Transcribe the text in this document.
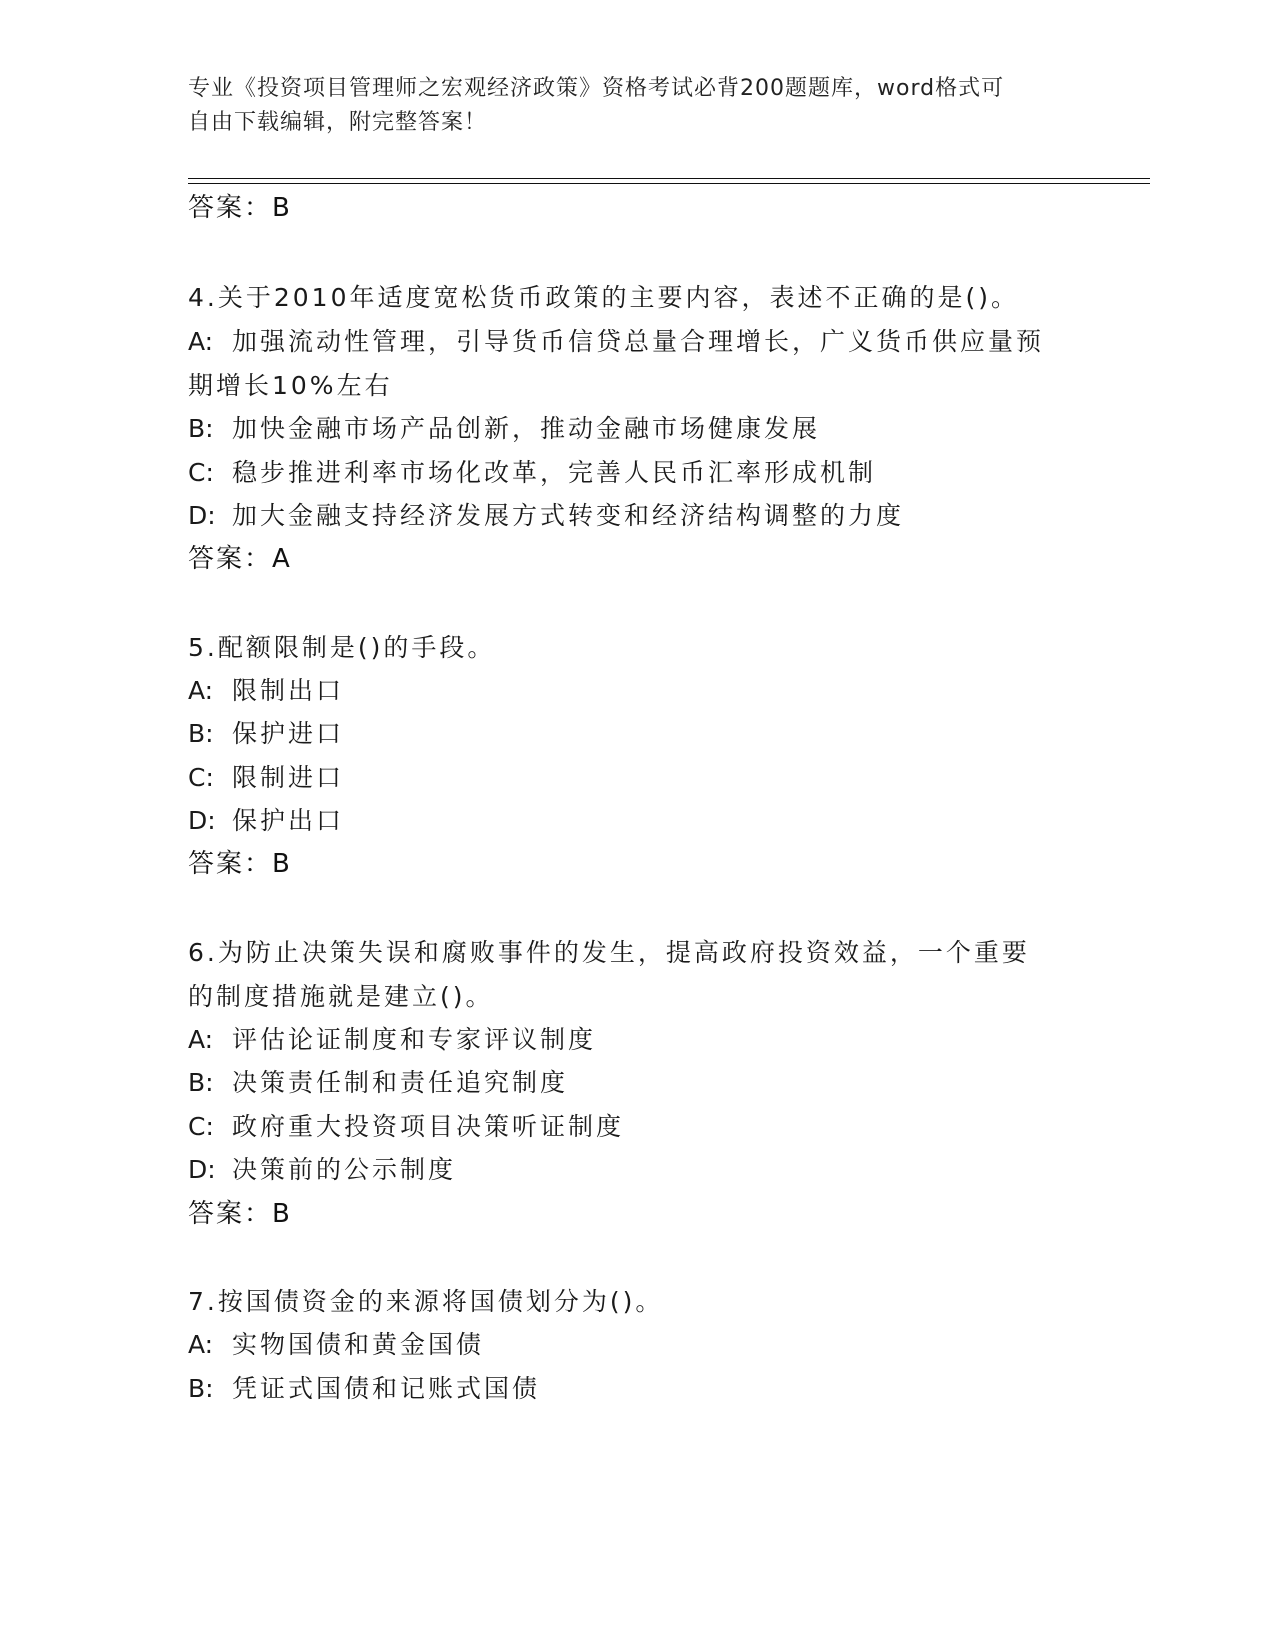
专业《投资项目管理师之宏观经济政策》资格考试必背200题题库，word格式可
自由下载编辑，附完整答案！
答案：B
4.关于2010年适度宽松货币政策的主要内容，表述不正确的是()。
A: 加强流动性管理，引导货币信贷总量合理增长，广义货币供应量预
期增长10%左右
B: 加快金融市场产品创新，推动金融市场健康发展
C: 稳步推进利率市场化改革，完善人民币汇率形成机制
D: 加大金融支持经济发展方式转变和经济结构调整的力度
答案：A
5.配额限制是()的手段。
A: 限制出口
B: 保护进口
C: 限制进口
D: 保护出口
答案：B
6.为防止决策失误和腐败事件的发生，提高政府投资效益，一个重要
的制度措施就是建立()。
A: 评估论证制度和专家评议制度
B: 决策责任制和责任追究制度
C: 政府重大投资项目决策听证制度
D: 决策前的公示制度
答案：B
7.按国债资金的来源将国债划分为()。
A: 实物国债和黄金国债
B: 凭证式国债和记账式国债
